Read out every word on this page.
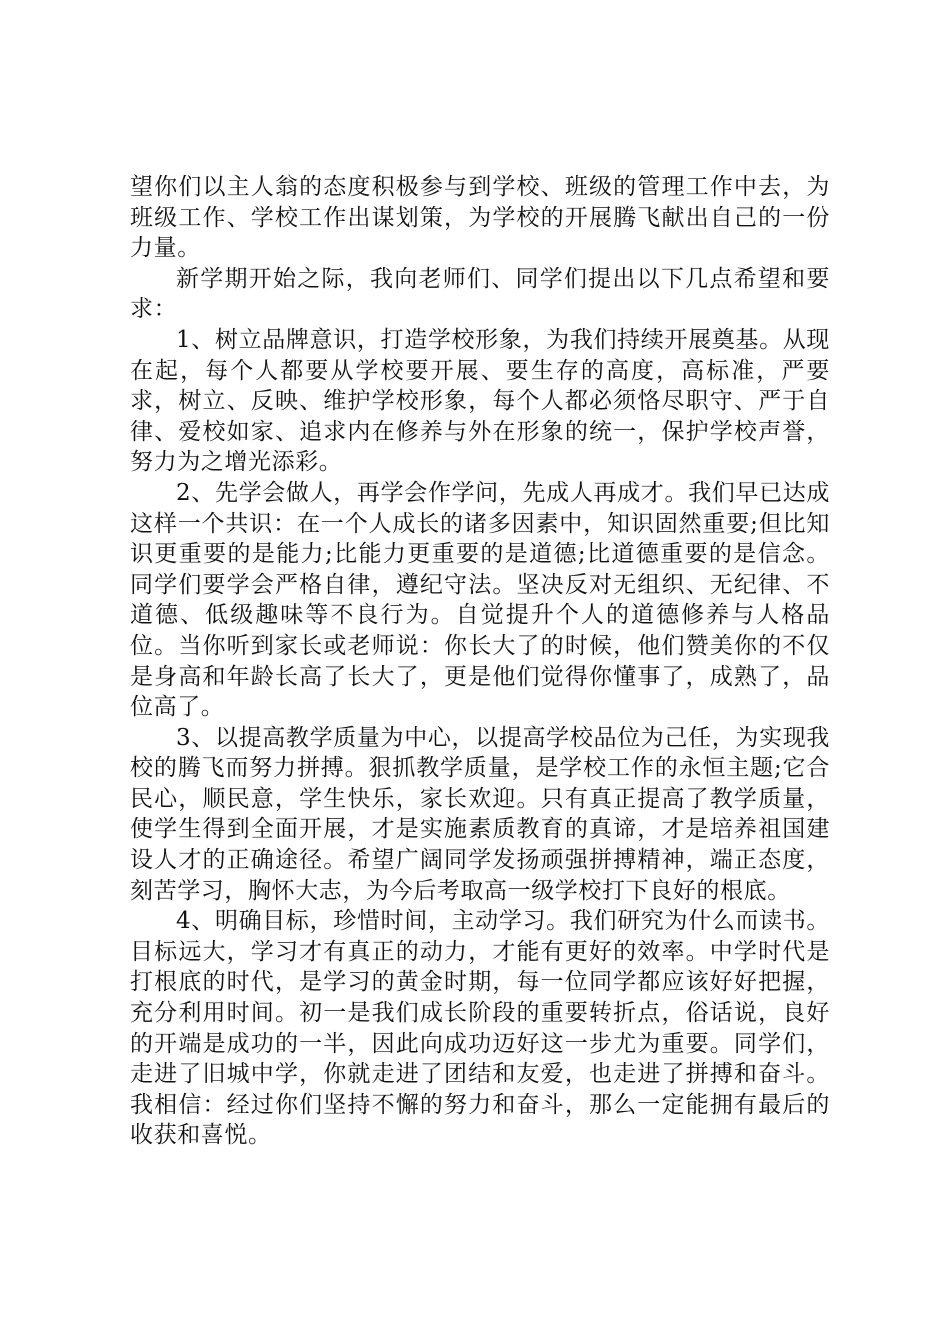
望你们以主人翁的态度积极参与到学校、班级的管理工作中去，为班级工作、学校工作出谋划策，为学校的开展腾飞献出自己的一份力量。

新学期开始之际，我向老师们、同学们提出以下几点希望和要求：

1、树立品牌意识，打造学校形象，为我们持续开展奠基。从现在起，每个人都要从学校要开展、要生存的高度，高标准，严要求，树立、反映、维护学校形象，每个人都必须恪尽职守、严于自律、爱校如家、追求内在修养与外在形象的统一，保护学校声誉，努力为之增光添彩。

2、先学会做人，再学会作学问，先成人再成才。我们早已达成这样一个共识：在一个人成长的诸多因素中，知识固然重要;但比知识更重要的是能力;比能力更重要的是道德;比道德重要的是信念。同学们要学会严格自律，遵纪守法。坚决反对无组织、无纪律、不道德、低级趣味等不良行为。自觉提升个人的道德修养与人格品位。当你听到家长或老师说：你长大了的时候，他们赞美你的不仅是身高和年龄长高了长大了，更是他们觉得你懂事了，成熟了，品位高了。

3、以提高教学质量为中心，以提高学校品位为己任，为实现我校的腾飞而努力拼搏。狠抓教学质量，是学校工作的永恒主题;它合民心，顺民意，学生快乐，家长欢迎。只有真正提高了教学质量，使学生得到全面开展，才是实施素质教育的真谛，才是培养祖国建设人才的正确途径。希望广阔同学发扬顽强拼搏精神，端正态度，刻苦学习，胸怀大志，为今后考取高一级学校打下良好的根底。

4、明确目标，珍惜时间，主动学习。我们研究为什么而读书。目标远大，学习才有真正的动力，才能有更好的效率。中学时代是打根底的时代，是学习的黄金时期，每一位同学都应该好好把握，充分利用时间。初一是我们成长阶段的重要转折点，俗话说，良好的开端是成功的一半，因此向成功迈好这一步尤为重要。同学们，走进了旧城中学，你就走进了团结和友爱，也走进了拼搏和奋斗。我相信：经过你们坚持不懈的努力和奋斗，那么一定能拥有最后的收获和喜悦。
